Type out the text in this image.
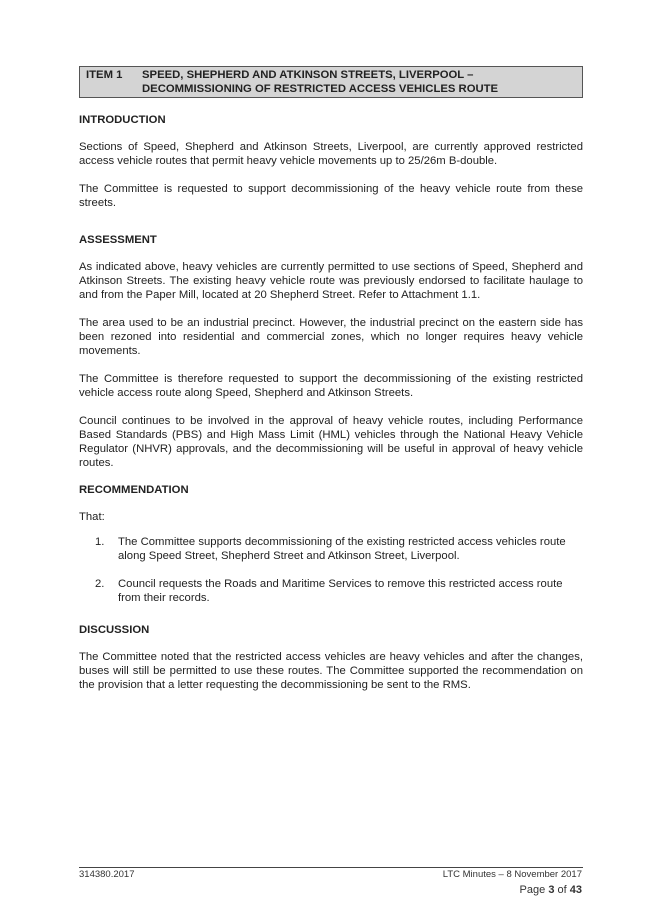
ITEM 1	SPEED, SHEPHERD AND ATKINSON STREETS, LIVERPOOL –
DECOMMISSIONING OF RESTRICTED ACCESS VEHICLES ROUTE
INTRODUCTION

Sections of Speed, Shepherd and Atkinson Streets, Liverpool, are currently approved restricted access vehicle routes that permit heavy vehicle movements up to 25/26m B-double.

The Committee is requested to support decommissioning of the heavy vehicle route from these streets.

ASSESSMENT

As indicated above, heavy vehicles are currently permitted to use sections of Speed, Shepherd and Atkinson Streets. The existing heavy vehicle route was previously endorsed to facilitate haulage to and from the Paper Mill, located at 20 Shepherd Street. Refer to Attachment 1.1.

The area used to be an industrial precinct. However, the industrial precinct on the eastern side has been rezoned into residential and commercial zones, which no longer requires heavy vehicle movements.

The Committee is therefore requested to support the decommissioning of the existing restricted vehicle access route along Speed, Shepherd and Atkinson Streets.

Council continues to be involved in the approval of heavy vehicle routes, including Performance Based Standards (PBS) and High Mass Limit (HML) vehicles through the National Heavy Vehicle Regulator (NHVR) approvals, and the decommissioning will be useful in approval of heavy vehicle routes.

RECOMMENDATION

That:

1.	The Committee supports decommissioning of the existing restricted access vehicles route along Speed Street, Shepherd Street and Atkinson Street, Liverpool.
2.	Council requests the Roads and Maritime Services to remove this restricted access route from their records.
DISCUSSION

The Committee noted that the restricted access vehicles are heavy vehicles and after the changes, buses will still be permitted to use these routes. The Committee supported the recommendation on the provision that a letter requesting the decommissioning be sent to the RMS.

314380.2017	LTC Minutes – 8 November 2017
Page 3 of 43
